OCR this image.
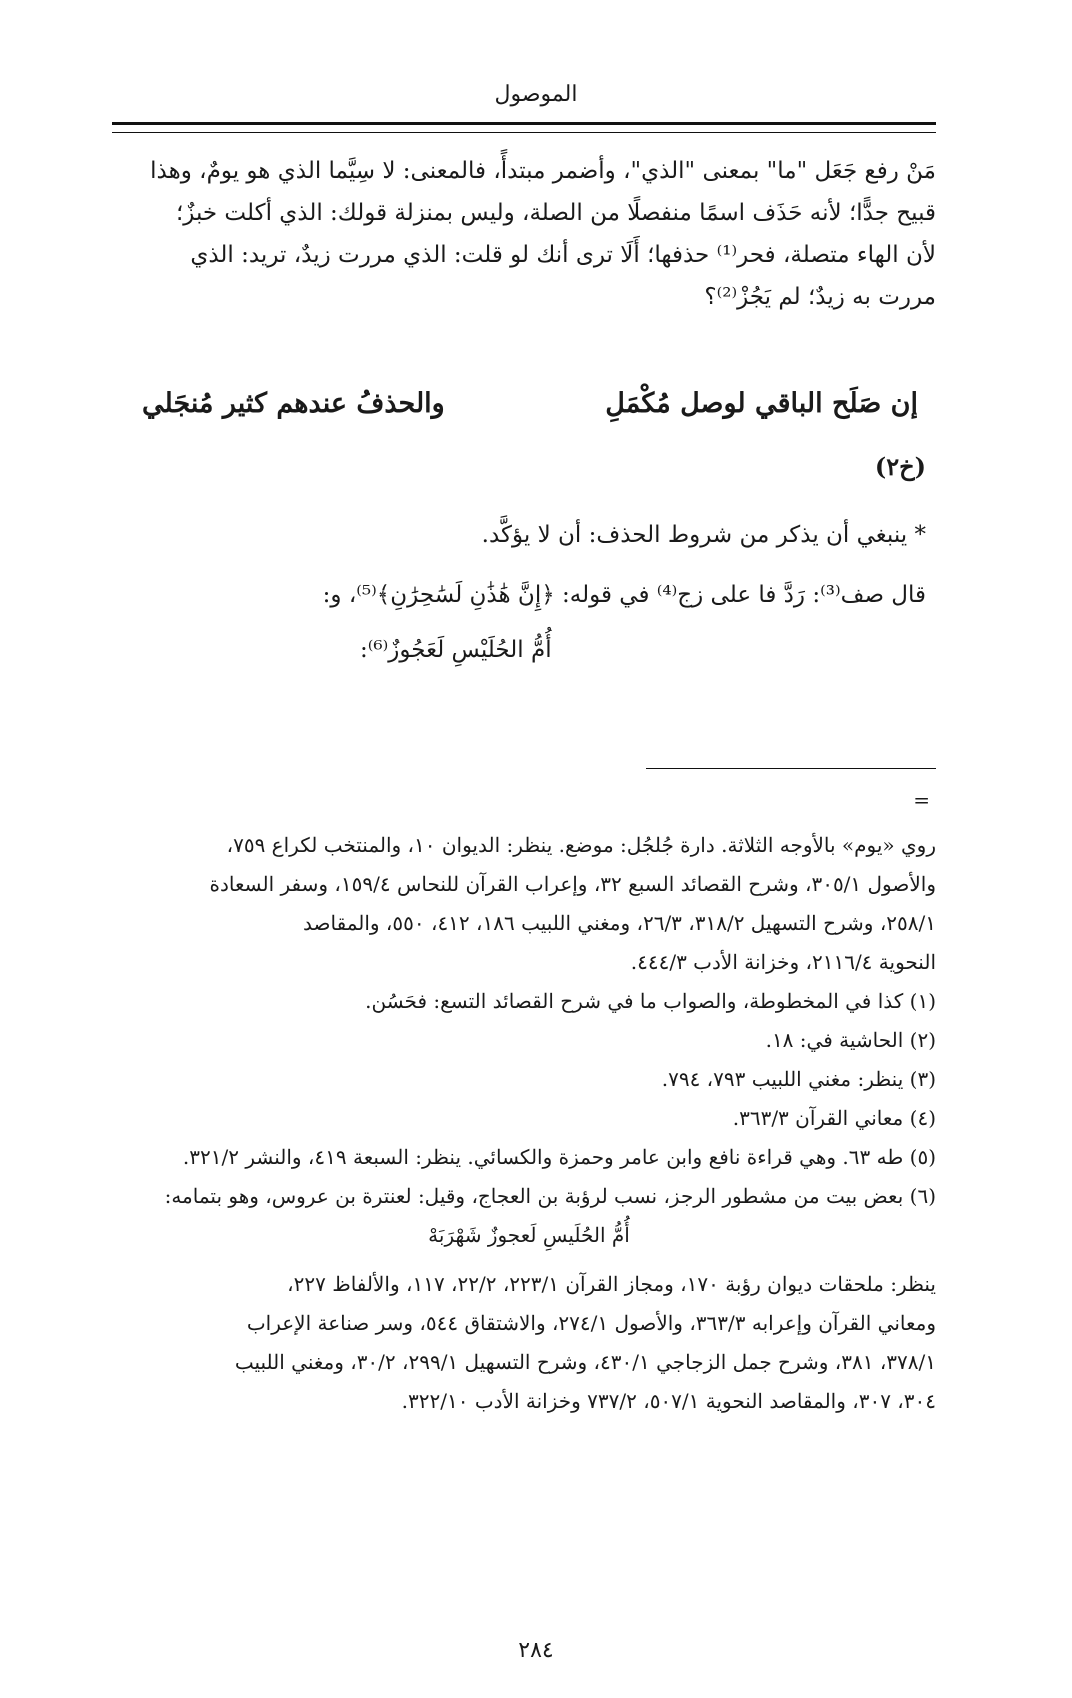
الموصول

مَنْ رفع جَعَل "ما" بمعنى "الذي"، وأضمر مبتدأً، فالمعنى: لا سِيَّما الذي هو يومٌ، وهذا

قبيح جدًّا؛ لأنه حَذَف اسمًا منفصلًا من الصلة، وليس بمنزلة قولك: الذي أكلت خبزٌ؛

لأن الهاء متصلة، فحر⁽¹⁾ حذفها؛ أَلَا ترى أنك لو قلت: الذي مررت زيدٌ، تريد: الذي

مررت به زيدٌ؛ لم يَجُزْ⁽²⁾؟

إن صَلَح الباقي لوصل مُكْمَلِ
والحذفُ عندهم كثير مُنجَلي
(خ٢)
* ينبغي أن يذكر من شروط الحذف: أن لا يؤكَّد.
قال صف⁽³⁾: رَدَّ فا على زج⁽⁴⁾ في قوله: ﴿إِنَّ هَٰذَٰنِ لَسَٰحِرَٰنِ﴾⁽⁵⁾، و:
أُمُّ الحُلَيْسِ لَعَجُوزٌ⁽⁶⁾:
=

روي «يوم» بالأوجه الثلاثة. دارة جُلجُل: موضع. ينظر: الديوان ١٠، والمنتخب لكراع ٧٥٩،

والأصول ٣٠٥/١، وشرح القصائد السبع ٣٢، وإعراب القرآن للنحاس ١٥٩/٤، وسفر السعادة

٢٥٨/١، وشرح التسهيل ٣١٨/٢، ٢٦/٣، ومغني اللبيب ١٨٦، ٤١٢، ٥٥٠، والمقاصد

النحوية ٢١١٦/٤، وخزانة الأدب ٤٤٤/٣.

(١) كذا في المخطوطة، والصواب ما في شرح القصائد التسع: فحَسُن.

(٢) الحاشية في: ١٨.

(٣) ينظر: مغني اللبيب ٧٩٣، ٧٩٤.

(٤) معاني القرآن ٣٦٣/٣.

(٥) طه ٦٣. وهي قراءة نافع وابن عامر وحمزة والكسائي. ينظر: السبعة ٤١٩، والنشر ٣٢١/٢.

(٦) بعض بيت من مشطور الرجز، نسب لرؤبة بن العجاج، وقيل: لعنترة بن عروس، وهو بتمامه:

أُمُّ الحُلَيسِ لَعجوزٌ شَهْرَبَهْ

ينظر: ملحقات ديوان رؤبة ١٧٠، ومجاز القرآن ٢٢٣/١، ٢٢/٢، ١١٧، والألفاظ ٢٢٧،

ومعاني القرآن وإعرابه ٣٦٣/٣، والأصول ٢٧٤/١، والاشتقاق ٥٤٤، وسر صناعة الإعراب

٣٧٨/١، ٣٨١، وشرح جمل الزجاجي ٤٣٠/١، وشرح التسهيل ٢٩٩/١، ٣٠/٢، ومغني اللبيب

٣٠٤، ٣٠٧، والمقاصد النحوية ٥٠٧/١، ٧٣٧/٢ وخزانة الأدب ٣٢٢/١٠.

٢٨٤
